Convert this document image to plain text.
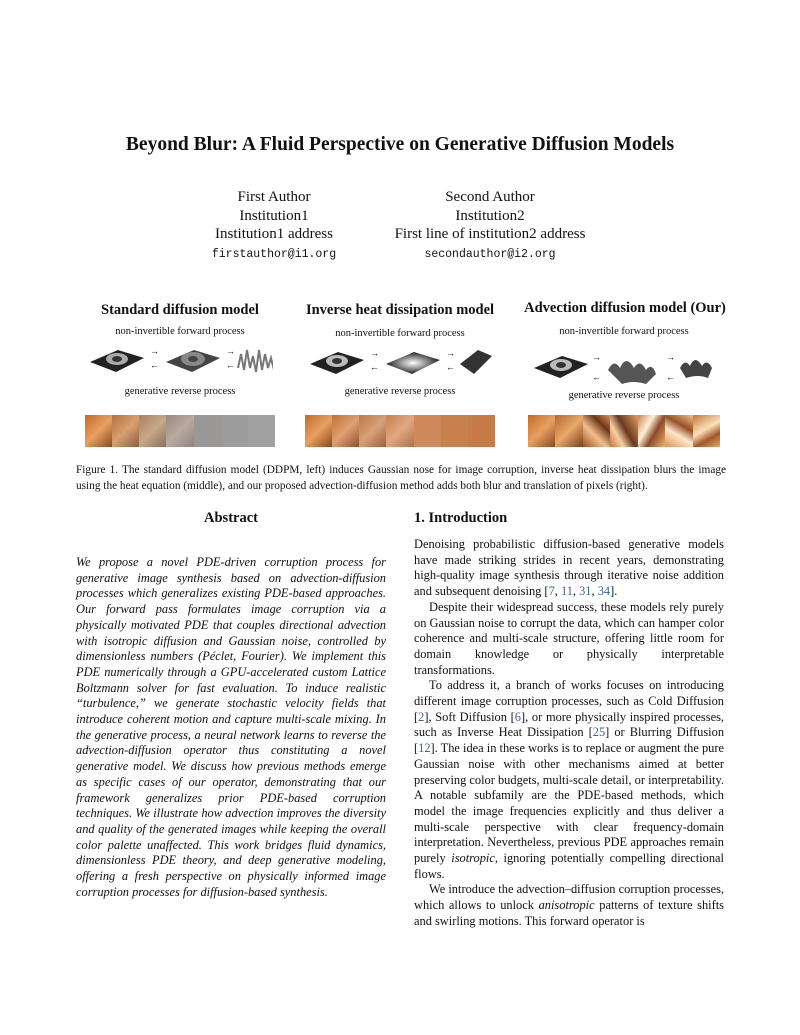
Beyond Blur: A Fluid Perspective on Generative Diffusion Models
First Author
Institution1
Institution1 address
firstauthor@i1.org
Second Author
Institution2
First line of institution2 address
secondauthor@i2.org
Standard diffusion model
non-invertible forward process
→
←
→
←
generative reverse process
Inverse heat dissipation model
non-invertible forward process
→
←
→
←
generative reverse process
Advection diffusion model (Our)
non-invertible forward process
→
←
→
←
generative reverse process
Figure 1. The standard diffusion model (DDPM, left) induces Gaussian nose for image corruption, inverse heat dissipation blurs the image using the heat equation (middle), and our proposed advection-diffusion method adds both blur and translation of pixels (right).
Abstract
We propose a novel PDE-driven corruption process for generative image synthesis based on advection-diffusion processes which generalizes existing PDE-based approaches. Our forward pass formulates image corruption via a physically motivated PDE that couples directional advection with isotropic diffusion and Gaussian noise, controlled by dimensionless numbers (Péclet, Fourier). We implement this PDE numerically through a GPU-accelerated custom Lattice Boltzmann solver for fast evaluation. To induce realistic “turbulence,” we generate stochastic velocity fields that introduce coherent motion and capture multi-scale mixing. In the generative process, a neural network learns to reverse the advection-diffusion operator thus constituting a novel generative model. We discuss how previous methods emerge as specific cases of our operator, demonstrating that our framework generalizes prior PDE-based corruption techniques. We illustrate how advection improves the diversity and quality of the generated images while keeping the overall color palette unaffected. This work bridges fluid dynamics, dimensionless PDE theory, and deep generative modeling, offering a fresh perspective on physically informed image corruption processes for diffusion-based synthesis.
1. Introduction

Denoising probabilistic diffusion-based generative models have made striking strides in recent years, demonstrating high-quality image synthesis through iterative noise addition and subsequent denoising [7, 11, 31, 34].

Despite their widespread success, these models rely purely on Gaussian noise to corrupt the data, which can hamper color coherence and multi-scale structure, offering little room for domain knowledge or physically interpretable transformations.

To address it, a branch of works focuses on introducing different image corruption processes, such as Cold Diffusion [2], Soft Diffusion [6], or more physically inspired processes, such as Inverse Heat Dissipation [25] or Blurring Diffusion [12]. The idea in these works is to replace or augment the pure Gaussian noise with other mechanisms aimed at better preserving color budgets, multi-scale detail, or interpretability. A notable subfamily are the PDE-based methods, which model the image frequencies explicitly and thus deliver a multi-scale perspective with clear frequency-domain interpretation. Nevertheless, previous PDE approaches remain purely isotropic, ignoring potentially compelling directional flows.

We introduce the advection–diffusion corruption processes, which allows to unlock anisotropic patterns of texture shifts and swirling motions. This forward operator is
